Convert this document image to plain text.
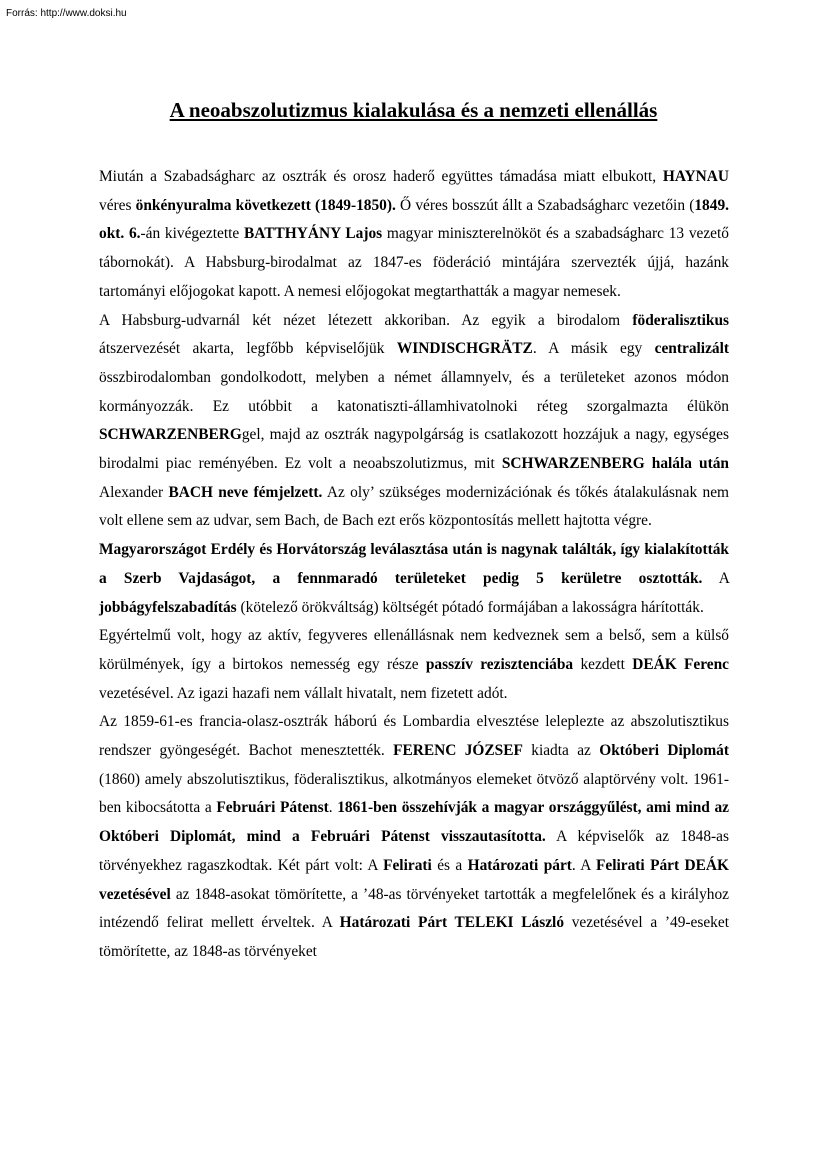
Forrás: http://www.doksi.hu
A neoabszolutizmus kialakulása és a nemzeti ellenállás

Miután a Szabadságharc az osztrák és orosz haderő együttes támadása miatt elbukott, HAYNAU véres önkényuralma következett (1849-1850). Ő véres bosszút állt a Szabadságharc vezetőin (1849. okt. 6.-án kivégeztette BATTHYÁNY Lajos magyar miniszterelnököt és a szabadságharc 13 vezető tábornokát). A Habsburg-birodalmat az 1847-es föderáció mintájára szervezték újjá, hazánk tartományi előjogokat kapott. A nemesi előjogokat megtarthatták a magyar nemesek.

A Habsburg-udvarnál két nézet létezett akkoriban. Az egyik a birodalom föderalisztikus átszervezését akarta, legfőbb képviselőjük WINDISCHGRÄTZ. A másik egy centralizált összbirodalomban gondolkodott, melyben a német államnyelv, és a területeket azonos módon kormányozzák. Ez utóbbit a katonatiszti-államhivatolnoki réteg szorgalmazta élükön SCHWARZENBERGgel, majd az osztrák nagypolgárság is csatlakozott hozzájuk a nagy, egységes birodalmi piac reményében. Ez volt a neoabszolutizmus, mit SCHWARZENBERG halála után Alexander BACH neve fémjelzett. Az oly’ szükséges modernizációnak és tőkés átalakulásnak nem volt ellene sem az udvar, sem Bach, de Bach ezt erős központosítás mellett hajtotta végre.

Magyarországot Erdély és Horvátország leválasztása után is nagynak találták, így kialakították a Szerb Vajdaságot, a fennmaradó területeket pedig 5 kerületre osztották. A jobbágyfelszabadítás (kötelező örökváltság) költségét pótadó formájában a lakosságra hárították.

Egyértelmű volt, hogy az aktív, fegyveres ellenállásnak nem kedveznek sem a belső, sem a külső körülmények, így a birtokos nemesség egy része passzív rezisztenciába kezdett DEÁK Ferenc vezetésével. Az igazi hazafi nem vállalt hivatalt, nem fizetett adót.

Az 1859-61-es francia-olasz-osztrák háború és Lombardia elvesztése leleplezte az abszolutisztikus rendszer gyöngeségét. Bachot menesztették. FERENC JÓZSEF kiadta az Októberi Diplomát (1860) amely abszolutisztikus, föderalisztikus, alkotmányos elemeket ötvöző alaptörvény volt. 1961-ben kibocsátotta a Februári Pátenst. 1861-ben összehívják a magyar országgyűlést, ami mind az Októberi Diplomát, mind a Februári Pátenst visszautasította. A képviselők az 1848-as törvényekhez ragaszkodtak. Két párt volt: A Felirati és a Határozati párt. A Felirati Párt DEÁK vezetésével az 1848-asokat tömörítette, a ’48-as törvényeket tartották a megfelelőnek és a királyhoz intézendő felirat mellett érveltek. A Határozati Párt TELEKI László vezetésével a ’49-eseket tömörítette, az 1848-as törvényeket
